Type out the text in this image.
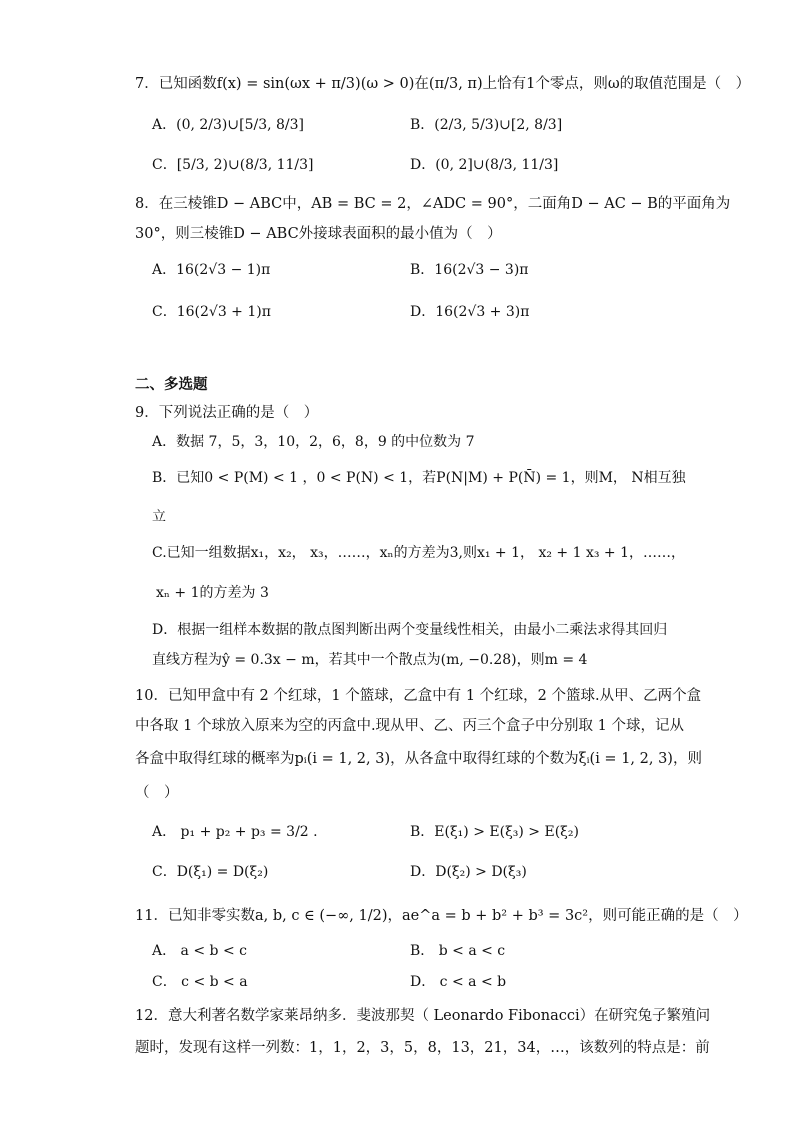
7．已知函数f(x) = sin(ωx + π/3)(ω > 0)在(π/3, π)上恰有1个零点，则ω的取值范围是（　）
A．(0, 2/3)∪[5/3, 8/3]	B．(2/3, 5/3)∪[2, 8/3]
C．[5/3, 2)∪(8/3, 11/3]	D．(0, 2]∪(8/3, 11/3]
8．在三棱锥D − ABC中，AB = BC = 2，∠ADC = 90°，二面角D − AC − B的平面角为
30°，则三棱锥D − ABC外接球表面积的最小值为（　）
A．16(2√3 − 1)π	B．16(2√3 − 3)π
C．16(2√3 + 1)π	D．16(2√3 + 3)π
二、多选题
9．下列说法正确的是（　）
A．数据 7，5，3，10，2，6，8，9 的中位数为 7
B．已知0 < P(M) < 1 ，0 < P(N) < 1，若P(N|M) + P(N̄) = 1，则M， N相互独
立
C.已知一组数据x₁，x₂， x₃，……，xₙ的方差为3,则x₁ + 1， x₂ + 1 x₃ + 1，……，
xₙ + 1的方差为 3
D．根据一组样本数据的散点图判断出两个变量线性相关，由最小二乘法求得其回归
直线方程为ŷ = 0.3x − m，若其中一个散点为(m, −0.28)，则m = 4
10．已知甲盒中有 2 个红球，1 个篮球，乙盒中有 1 个红球，2 个篮球.从甲、乙两个盒
中各取 1 个球放入原来为空的丙盒中.现从甲、乙、丙三个盒子中分别取 1 个球，记从
各盒中取得红球的概率为pᵢ(i = 1, 2, 3)，从各盒中取得红球的个数为ξᵢ(i = 1, 2, 3)，则
（　）
A． p₁ + p₂ + p₃ = 3/2 .	B．E(ξ₁) > E(ξ₃) > E(ξ₂)
C．D(ξ₁) = D(ξ₂)	D．D(ξ₂) > D(ξ₃)
11．已知非零实数a, b, c ∈ (−∞, 1/2)，ae^a = b + b² + b³ = 3c²，则可能正确的是（　）
A． a < b < c	B． b < a < c
C． c < b < a	D． c < a < b
12．意大利著名数学家莱昂纳多．斐波那契（ Leonardo Fibonacci）在研究兔子繁殖问
题时，发现有这样一列数：1，1，2，3，5，8，13，21，34，…，该数列的特点是：前
